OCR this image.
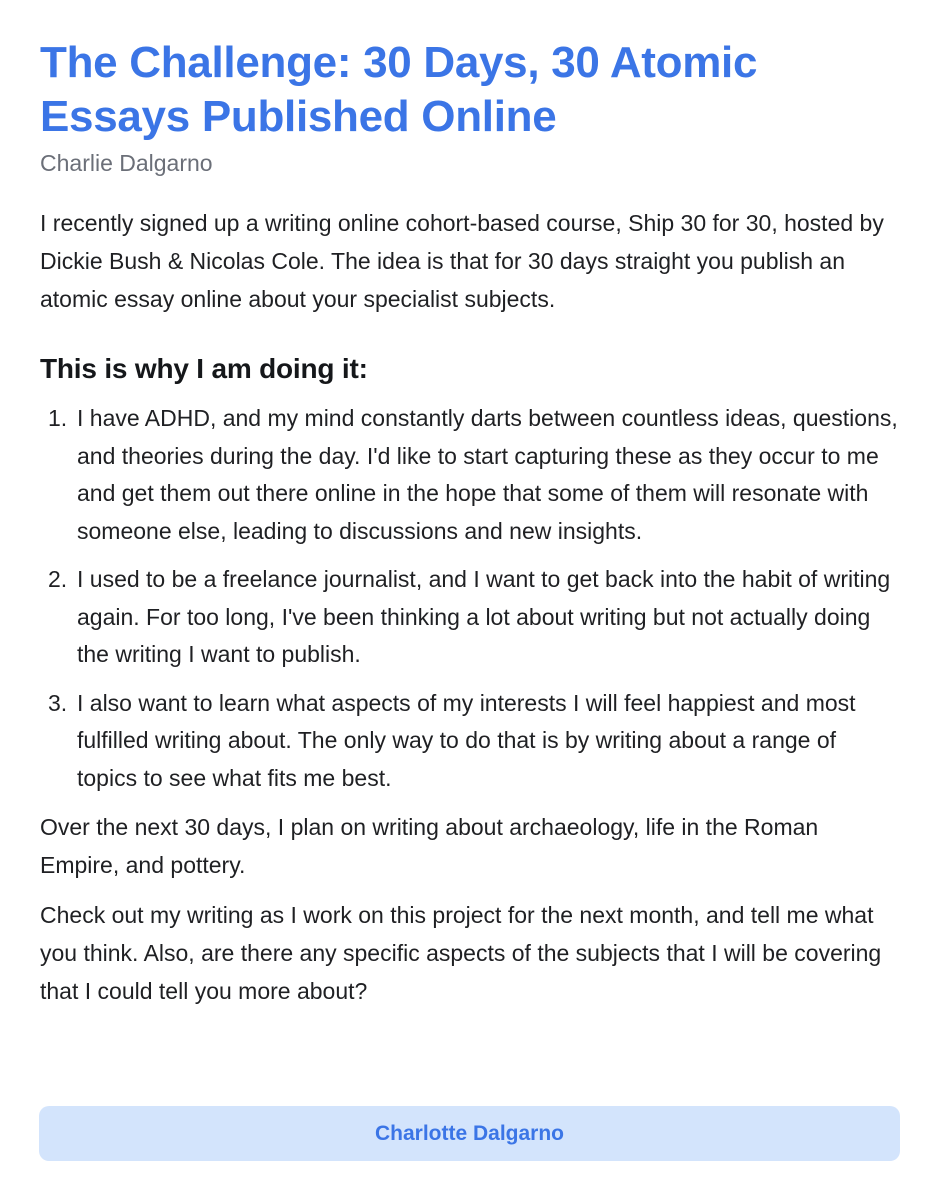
The Challenge: 30 Days, 30 Atomic Essays Published Online

Charlie Dalgarno

I recently signed up a writing online cohort-based course, Ship 30 for 30, hosted by Dickie Bush & Nicolas Cole. The idea is that for 30 days straight you publish an atomic essay online about your specialist subjects.

This is why I am doing it:
1. I have ADHD, and my mind constantly darts between countless ideas, questions, and theories during the day. I'd like to start capturing these as they occur to me and get them out there online in the hope that some of them will resonate with someone else, leading to discussions and new insights.
2. I used to be a freelance journalist, and I want to get back into the habit of writing again. For too long, I've been thinking a lot about writing but not actually doing the writing I want to publish.
3. I also want to learn what aspects of my interests I will feel happiest and most fulfilled writing about. The only way to do that is by writing about a range of topics to see what fits me best.

Over the next 30 days, I plan on writing about archaeology, life in the Roman Empire, and pottery.

Check out my writing as I work on this project for the next month, and tell me what you think. Also, are there any specific aspects of the subjects that I will be covering that I could tell you more about?

Charlotte Dalgarno
